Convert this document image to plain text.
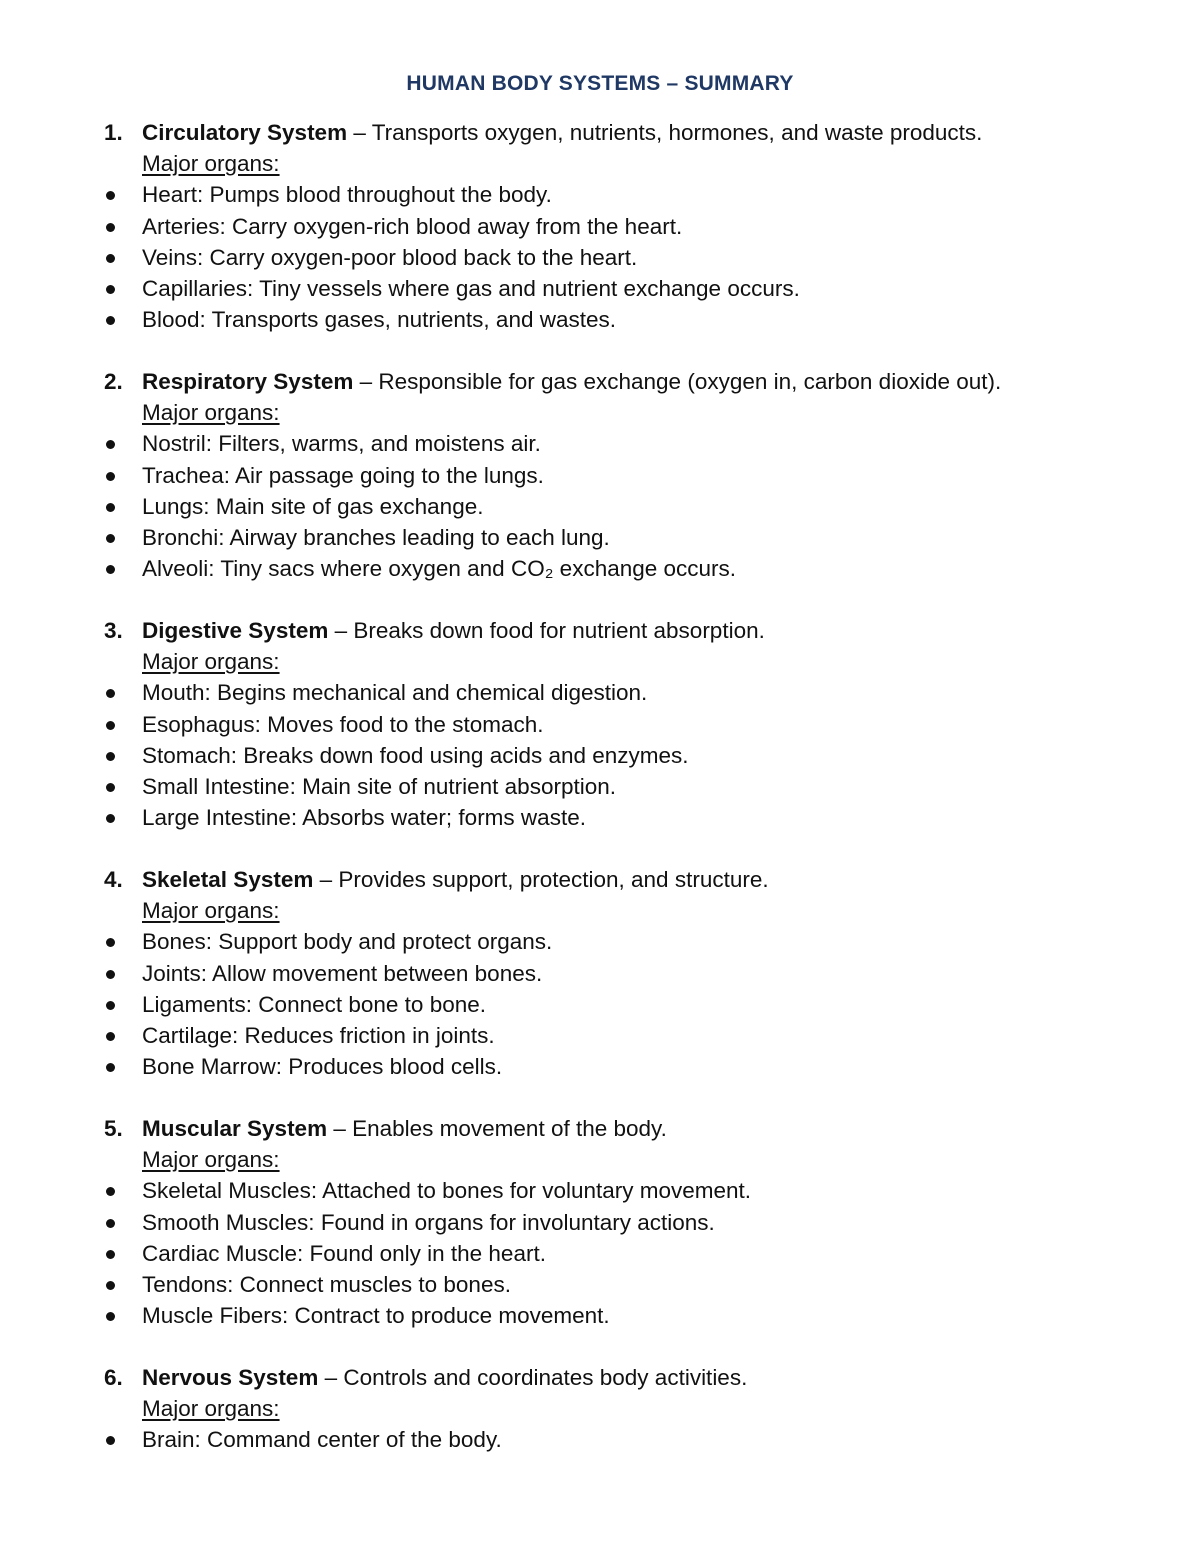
HUMAN BODY SYSTEMS – SUMMARY
1. Circulatory System – Transports oxygen, nutrients, hormones, and waste products.
Major organs:
Heart: Pumps blood throughout the body.
Arteries: Carry oxygen-rich blood away from the heart.
Veins: Carry oxygen-poor blood back to the heart.
Capillaries: Tiny vessels where gas and nutrient exchange occurs.
Blood: Transports gases, nutrients, and wastes.
2. Respiratory System – Responsible for gas exchange (oxygen in, carbon dioxide out).
Major organs:
Nostril: Filters, warms, and moistens air.
Trachea: Air passage going to the lungs.
Lungs: Main site of gas exchange.
Bronchi: Airway branches leading to each lung.
Alveoli: Tiny sacs where oxygen and CO₂ exchange occurs.
3. Digestive System – Breaks down food for nutrient absorption.
Major organs:
Mouth: Begins mechanical and chemical digestion.
Esophagus: Moves food to the stomach.
Stomach: Breaks down food using acids and enzymes.
Small Intestine: Main site of nutrient absorption.
Large Intestine: Absorbs water; forms waste.
4. Skeletal System – Provides support, protection, and structure.
Major organs:
Bones: Support body and protect organs.
Joints: Allow movement between bones.
Ligaments: Connect bone to bone.
Cartilage: Reduces friction in joints.
Bone Marrow: Produces blood cells.
5. Muscular System – Enables movement of the body.
Major organs:
Skeletal Muscles: Attached to bones for voluntary movement.
Smooth Muscles: Found in organs for involuntary actions.
Cardiac Muscle: Found only in the heart.
Tendons: Connect muscles to bones.
Muscle Fibers: Contract to produce movement.
6. Nervous System – Controls and coordinates body activities.
Major organs:
Brain: Command center of the body.
